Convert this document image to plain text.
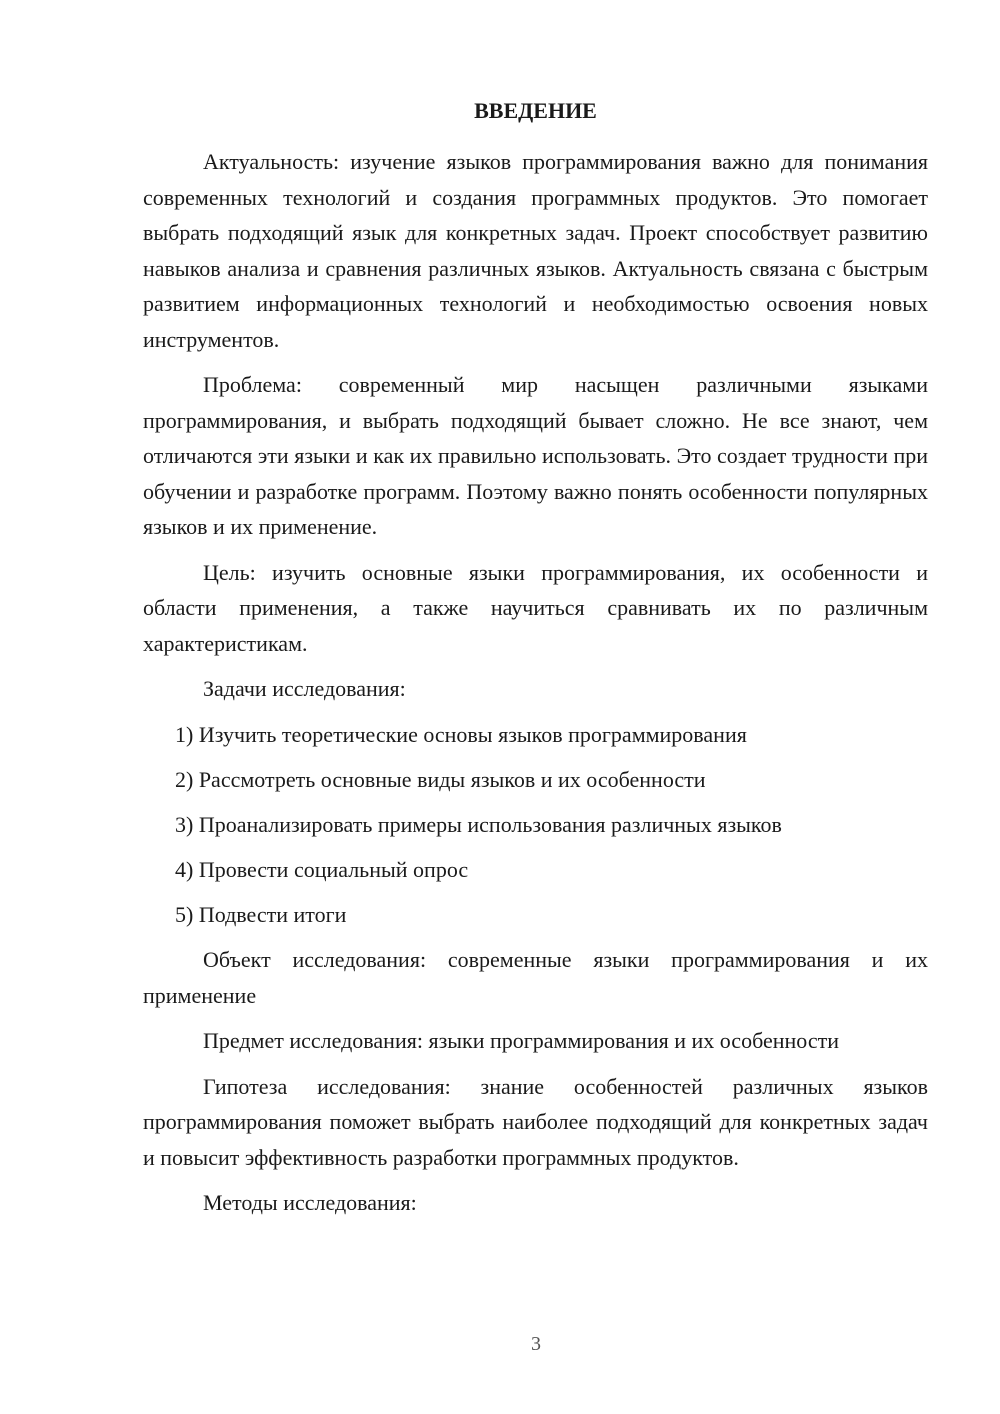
ВВЕДЕНИЕ

Актуальность: изучение языков программирования важно для понимания современных технологий и создания программных продуктов. Это помогает выбрать подходящий язык для конкретных задач. Проект способствует развитию навыков анализа и сравнения различных языков. Актуальность связана с быстрым развитием информационных технологий и необходимостью освоения новых инструментов.

Проблема: современный мир насыщен различными языками программирования, и выбрать подходящий бывает сложно. Не все знают, чем отличаются эти языки и как их правильно использовать. Это создает трудности при обучении и разработке программ. Поэтому важно понять особенности популярных языков и их применение.

Цель: изучить основные языки программирования, их особенности и области применения, а также научиться сравнивать их по различным характеристикам.

Задачи исследования:

1) Изучить теоретические основы языков программирования
2) Рассмотреть основные виды языков и их особенности
3) Проанализировать примеры использования различных языков
4) Провести социальный опрос
5) Подвести итоги

Объект исследования: современные языки программирования и их применение

Предмет исследования: языки программирования и их особенности

Гипотеза исследования: знание особенностей различных языков программирования поможет выбрать наиболее подходящий для конкретных задач и повысит эффективность разработки программных продуктов.

Методы исследования:

3
